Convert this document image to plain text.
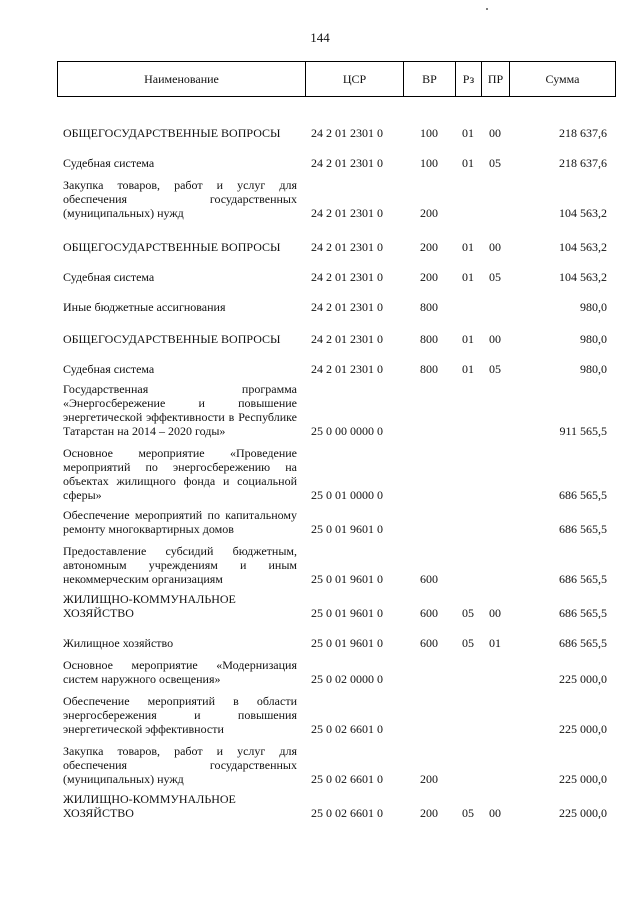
144
Наименование	ЦСР	ВР	Рз	ПР	Сумма
ОБЩЕГОСУДАРСТВЕННЫЕ ВОПРОСЫ	24 2 01 2301 0	100	01	00	218 637,6
Судебная система	24 2 01 2301 0	100	01	05	218 637,6
Закупка товаров, работ и услуг для обеспечения государственных (муниципальных) нужд	24 2 01 2301 0	200			104 563,2
ОБЩЕГОСУДАРСТВЕННЫЕ ВОПРОСЫ	24 2 01 2301 0	200	01	00	104 563,2
Судебная система	24 2 01 2301 0	200	01	05	104 563,2
Иные бюджетные ассигнования	24 2 01 2301 0	800			980,0
ОБЩЕГОСУДАРСТВЕННЫЕ ВОПРОСЫ	24 2 01 2301 0	800	01	00	980,0
Судебная система	24 2 01 2301 0	800	01	05	980,0
Государственная программа «Энергосбережение и повышение энергетической эффективности в Республике Татарстан на 2014 – 2020 годы»	25 0 00 0000 0				911 565,5
Основное мероприятие «Проведение мероприятий по энергосбережению на объектах жилищного фонда и социальной сферы»	25 0 01 0000 0				686 565,5
Обеспечение мероприятий по капитальному ремонту многоквартирных домов	25 0 01 9601 0				686 565,5
Предоставление субсидий бюджетным, автономным учреждениям и иным некоммерческим организациям	25 0 01 9601 0	600			686 565,5
ЖИЛИЩНО-КОММУНАЛЬНОЕ ХОЗЯЙСТВО	25 0 01 9601 0	600	05	00	686 565,5
Жилищное хозяйство	25 0 01 9601 0	600	05	01	686 565,5
Основное мероприятие «Модернизация систем наружного освещения»	25 0 02 0000 0				225 000,0
Обеспечение мероприятий в области энергосбережения и повышения энергетической эффективности	25 0 02 6601 0				225 000,0
Закупка товаров, работ и услуг для обеспечения государственных (муниципальных) нужд	25 0 02 6601 0	200			225 000,0
ЖИЛИЩНО-КОММУНАЛЬНОЕ ХОЗЯЙСТВО	25 0 02 6601 0	200	05	00	225 000,0
